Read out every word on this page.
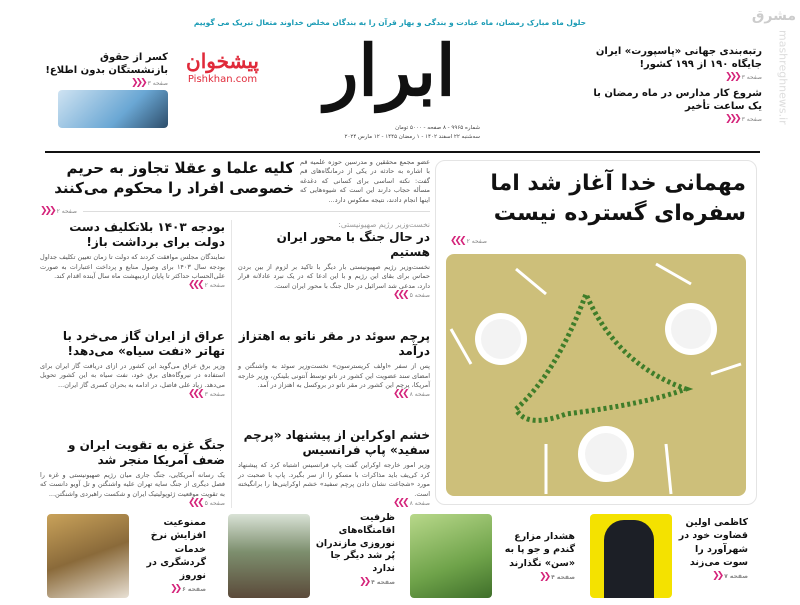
مشرق
mashreghnews.ir
حلول ماه مبارک رمضان، ماه عبادت و بندگی و بهار قرآن را به بندگان مخلص خداوند متعال تبریک می گوییم
ابرار
شماره ۹۹۶۵ - ۸ صفحه - ۵۰۰۰ تومان
سه‌شنبه ۲۲ اسفند ۱۴۰۲ - ۱ رمضان ۱۴۴۵ - ۱۲ مارس ۲۰۲۴
پیشخوان
Pishkhan.com
رتبه‌بندی جهانی «پاسپورت» ایران جایگاه ۱۹۰ از ۱۹۹ کشور!
صفحه ۳
❮❮❮
شروع کار مدارس در ماه رمضان با یک ساعت تأخیر
صفحه ۳
❮❮❮
کسر از حقوق بازنشستگان بدون اطلاع!
صفحه ۳
❮❮❮
مهمانی خدا آغاز شد اما سفره‌ای گسترده نیست
صفحه ۲
❯❯❯
عضو مجمع محققین و مدرسین حوزه علمیه قم با اشاره به حادثه در یکی از درمانگاه‌های قم گفت: نکته اساسی برای کسانی که دغدغه مسأله حجاب دارند این است که شیوه‌هایی که اینها انجام دادند، نتیجه معکوس دارد...
کلیه علما و عقلا تجاوز به حریم خصوصی افراد را محکوم می‌کنند
صفحه ۲
❮❮❮
نخست‌وزیر رژیم صهیونیستی:
در حال جنگ با محور ایران هستیم
نخست‌وزیر رژیم صهیونیستی بار دیگر با تاکید بر لزوم از بین بردن حماس برای بقای این رژیم و با این ادعا که در یک نبرد عادلانه قرار دارد، مدعی شد اسرائیل در حال جنگ با محور ایران است.
❮❮❮ صفحه ۵
پرچم سوئد در مقر ناتو به اهتزاز درآمد
پس از سفر «اولف کریسترسون» نخست‌وزیر سوئد به واشنگتن و امضای سند عضویت این کشور در ناتو توسط آنتونی بلینکن، وزیر خارجه آمریکا، پرچم این کشور در مقر ناتو در بروکسل به اهتزاز در آمد.
❮❮❮ صفحه ۸
خشم اوکراین از پیشنهاد «پرچم سفید» پاپ فرانسیس
وزیر امور خارجه اوکراین گفت پاپ فرانسیس اشتباه کرد که پیشنهاد کرد کی‌یف باید مذاکرات با مسکو را از سر بگیرد. پاپ با صحبت در مورد «شجاعت نشان دادن پرچم سفید» خشم اوکراینی‌ها را برانگیخته است.
❮❮❮ صفحه ۸
بودجه ۱۴۰۳ بلاتکلیف دست دولت برای برداشت باز!
نمایندگان مجلس موافقت کردند که دولت تا زمان تعیین تکلیف جداول بودجه سال ۱۴۰۳ برای وصول منابع و پرداخت اعتبارات به صورت علی‌الحساب حداکثر تا پایان اردیبهشت ماه سال آینده اقدام کند.
❮❮❮ صفحه ۲
عراق از ایران گاز می‌خرد با تهاتر «نفت سیاه» می‌دهد!
وزیر برق عراق می‌گوید این کشور در ازای دریافت گاز ایران برای استفاده در نیروگاه‌های برق خود، نفت سیاه به این کشور تحویل می‌دهد. زیاد علی فاضل، در ادامه به بحران کسری گاز ایران...
❮❮❮ صفحه ۳
جنگ غزه به تقویت ایران و ضعف آمریکا منجر شد
یک رسانه آمریکایی، جنگ جاری میان رژیم صهیونیستی و غزه را فصل دیگری از جنگ سایه تهران علیه واشنگتن و تل آویو دانست که به تقویت موقعیت ژئوپولیتیک ایران و شکست راهبردی واشنگتن...
❮❮❮ صفحه ۵
کاظمی اولین قضاوت خود در شهرآورد را سوت می‌زند
صفحه ۷
❮❮
هشدار مزارع گندم و جو پا به «سن» نگذارند
صفحه ۴
❮❮
ظرفیت اقامتگاه‌های نوروزی مازندران پُر شد دیگر جا ندارد
صفحه ۴
❮❮
ممنوعیت افزایش نرخ خدمات گردشگری در نوروز
صفحه ۶
❮❮
